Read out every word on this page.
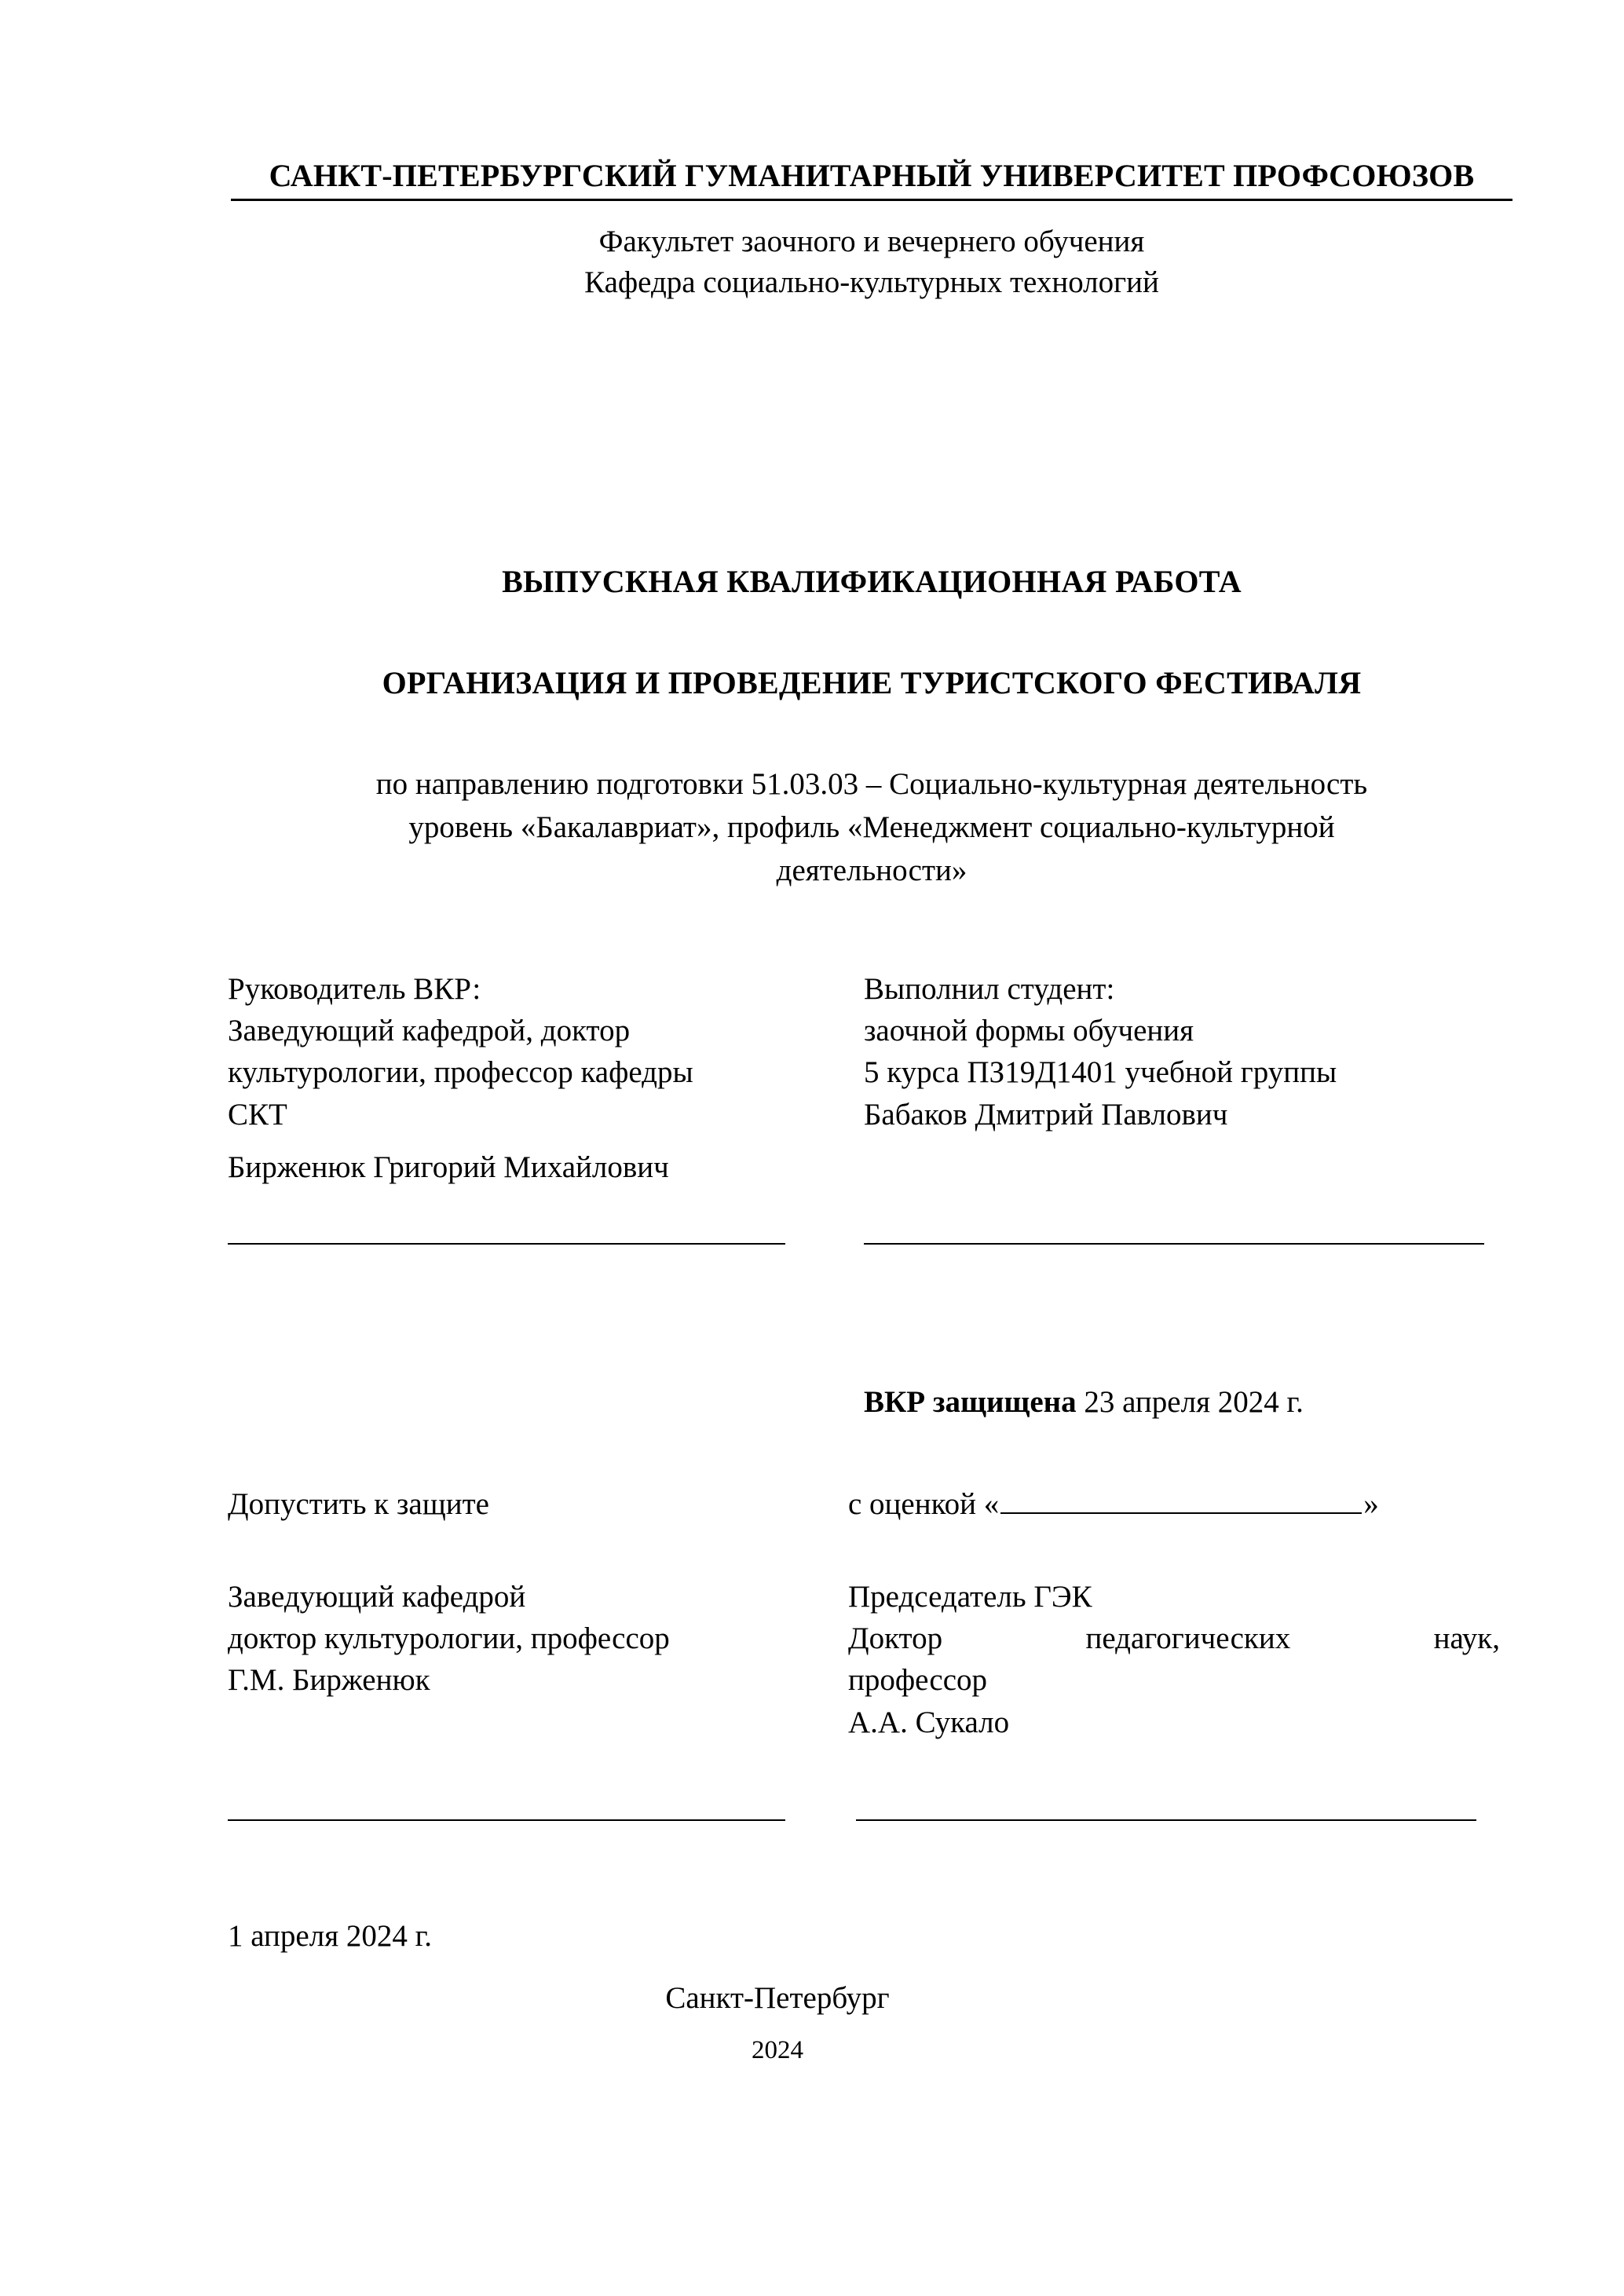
САНКТ-ПЕТЕРБУРГСКИЙ ГУМАНИТАРНЫЙ УНИВЕРСИТЕТ ПРОФСОЮЗОВ
Факультет заочного и вечернего обучения
Кафедра социально-культурных технологий
ВЫПУСКНАЯ КВАЛИФИКАЦИОННАЯ РАБОТА
ОРГАНИЗАЦИЯ И ПРОВЕДЕНИЕ ТУРИСТСКОГО ФЕСТИВАЛЯ
по направлению подготовки 51.03.03 – Социально-культурная деятельность
уровень «Бакалавриат», профиль «Менеджмент социально-культурной
деятельности»

Руководитель ВКР:

Заведующий кафедрой, доктор

культурологии, профессор кафедры

СКТ

Бирженюк Григорий Михайлович

Выполнил студент:

заочной формы обучения

5 курса ПЗ19Д1401 учебной группы

Бабаков Дмитрий Павлович

ВКР защищена 23 апреля 2024 г.
Допустить к защите	с оценкой «	»

Заведующий кафедрой

доктор культурологии, профессор

Г.М. Бирженюк

Председатель ГЭК

Доктор педагогических наук,

профессор

А.А. Сукало

1 апреля 2024 г.
Санкт-Петербург
2024
